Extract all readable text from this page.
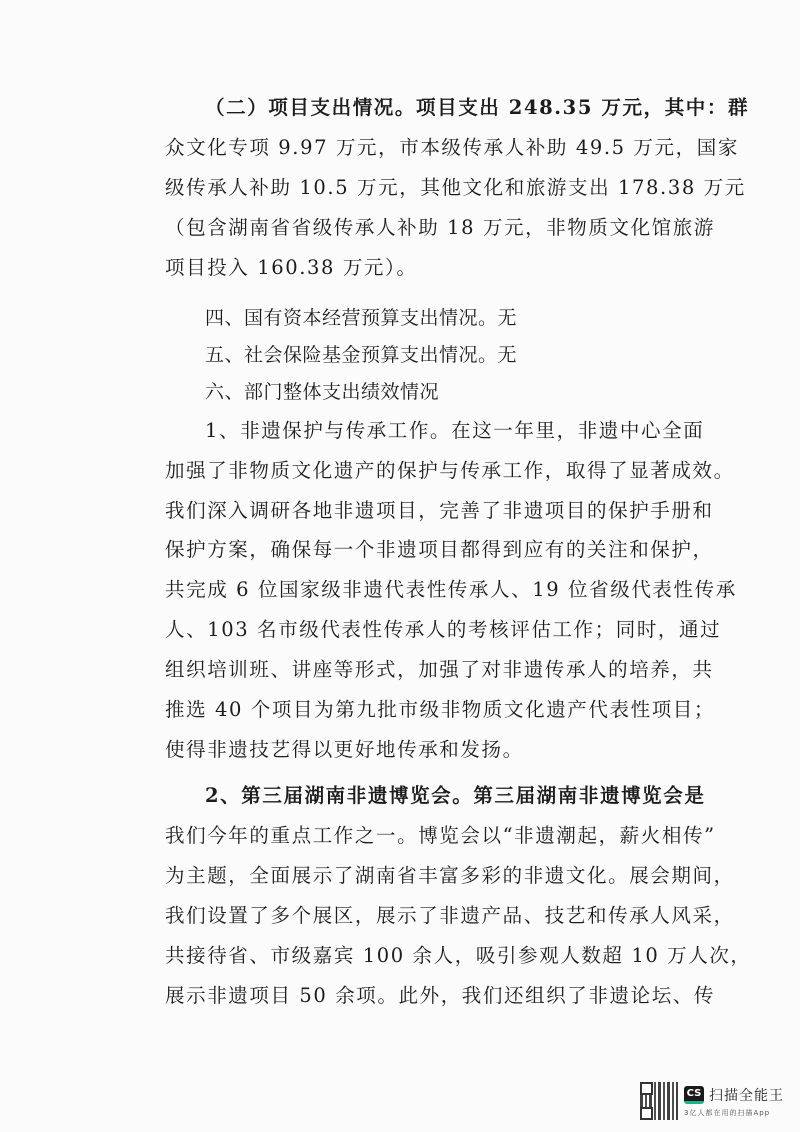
（二）项目支出情况。项目支出 248.35 万元，其中：群
众文化专项 9.97 万元，市本级传承人补助 49.5 万元，国家
级传承人补助 10.5 万元，其他文化和旅游支出 178.38 万元
（包含湖南省省级传承人补助 18 万元，非物质文化馆旅游
项目投入 160.38 万元）。
四、国有资本经营预算支出情况。无
五、社会保险基金预算支出情况。无
六、部门整体支出绩效情况
1、非遗保护与传承工作。在这一年里，非遗中心全面
加强了非物质文化遗产的保护与传承工作，取得了显著成效。
我们深入调研各地非遗项目，完善了非遗项目的保护手册和
保护方案，确保每一个非遗项目都得到应有的关注和保护，
共完成 6 位国家级非遗代表性传承人、19 位省级代表性传承
人、103 名市级代表性传承人的考核评估工作；同时，通过
组织培训班、讲座等形式，加强了对非遗传承人的培养，共
推选 40 个项目为第九批市级非物质文化遗产代表性项目；
使得非遗技艺得以更好地传承和发扬。
2、第三届湖南非遗博览会。第三届湖南非遗博览会是
我们今年的重点工作之一。博览会以“非遗潮起，薪火相传”
为主题，全面展示了湖南省丰富多彩的非遗文化。展会期间，
我们设置了多个展区，展示了非遗产品、技艺和传承人风采，
共接待省、市级嘉宾 100 余人，吸引参观人数超 10 万人次，
展示非遗项目 50 余项。此外，我们还组织了非遗论坛、传
CS 扫描全能王
3亿人都在用的扫描App
